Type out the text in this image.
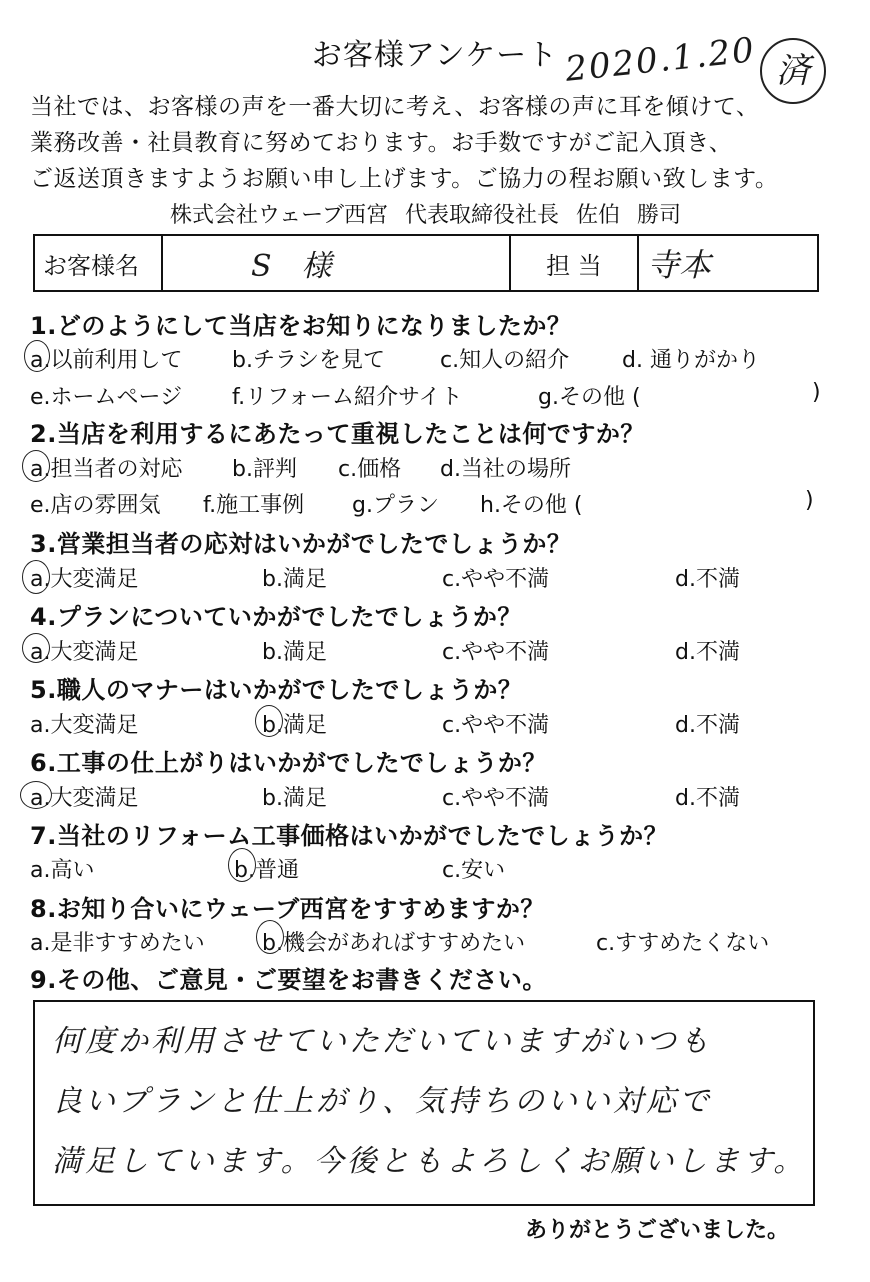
お客様アンケート 2020.1.20 済
当社では、お客様の声を一番大切に考え、お客様の声に耳を傾けて、
業務改善・社員教育に努めております。お手数ですがご記入頂き、
ご返送頂きますようお願い申し上げます。ご協力の程お願い致します。
株式会社ウェーブ西宮 代表取締役社長 佐伯 勝司
お客様名	S　様	担 当	寺本
1.どのようにして当店をお知りになりましたか？
a.以前利用して b.チラシを見て	c.知人の紹介 d. 通りがかり
e.ホームページ f.リフォーム紹介サイト	g.その他 (	)
2.当店を利用するにあたって重視したことは何ですか？
a.担当者の対応 b.評判 c.価格 d.当社の場所
e.店の雰囲気 f.施工事例 g.プラン h.その他 (	)
3.営業担当者の応対はいかがでしたでしょうか？
a.大変満足	b.満足	c.やや不満	d.不満
4.プランについていかがでしたでしょうか？
a.大変満足	b.満足	c.やや不満	d.不満
5.職人のマナーはいかがでしたでしょうか？
a.大変満足	b.満足	c.やや不満	d.不満
6.工事の仕上がりはいかがでしたでしょうか？
a.大変満足	b.満足	c.やや不満	d.不満
7.当社のリフォーム工事価格はいかがでしたでしょうか？
a.高い	b.普通	c.安い
8.お知り合いにウェーブ西宮をすすめますか？
a.是非すすめたい	b.機会があればすすめたい	c.すすめたくない
9.その他、ご意見・ご要望をお書きください。
何度か利用させていただいていますがいつも
良いプランと仕上がり、気持ちのいい対応で
満足しています。今後ともよろしくお願いします。
ありがとうございました。
